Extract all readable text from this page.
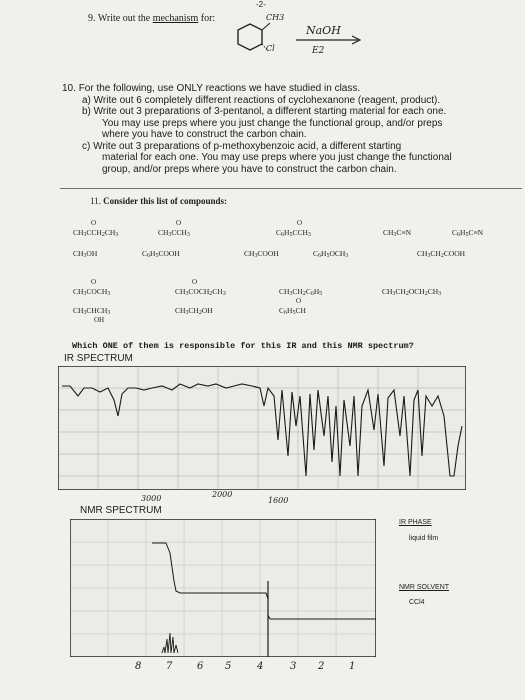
-2-
9. Write out the mechanism for:	CH3
Cl
NaOH
E2
10. For the following, use ONLY reactions we have studied in class.
a) Write out 6 completely different reactions of cyclohexanone (reagent, product).
b) Write out 3 preparations of 3-pentanol, a different starting material for each one.
You may use preps where you just change the functional group, and/or preps
where you have to construct the carbon chain.
c) Write out 3 preparations of p-methoxybenzoic acid, a different starting
material for each one. You may use preps where you just change the functional
group, and/or preps where you have to construct the carbon chain.
11. Consider this list of compounds:
CH3CCH2CH3
O
CH3CCH3
O
C6H5CCH3
O
CH3C≡N	C6H5C≡N
CH3OH	C6H5COOH	CH3COOH	C6H5OCH3	CH3CH2COOH
CH3COCH3
O
CH3COCH2CH3
O
CH3CH2C6H5	CH3CH2OCH2CH3
CH3CHCH3
OH
CH3CH2OH	C6H5CH
O
Which ONE of them is responsible for this IR and this NMR spectrum?
IR SPECTRUM
3000	2000
1600
NMR SPECTRUM
8 7 6 5	4	3 2 1
IR PHASE
liquid film
NMR SOLVENT
CCl4
